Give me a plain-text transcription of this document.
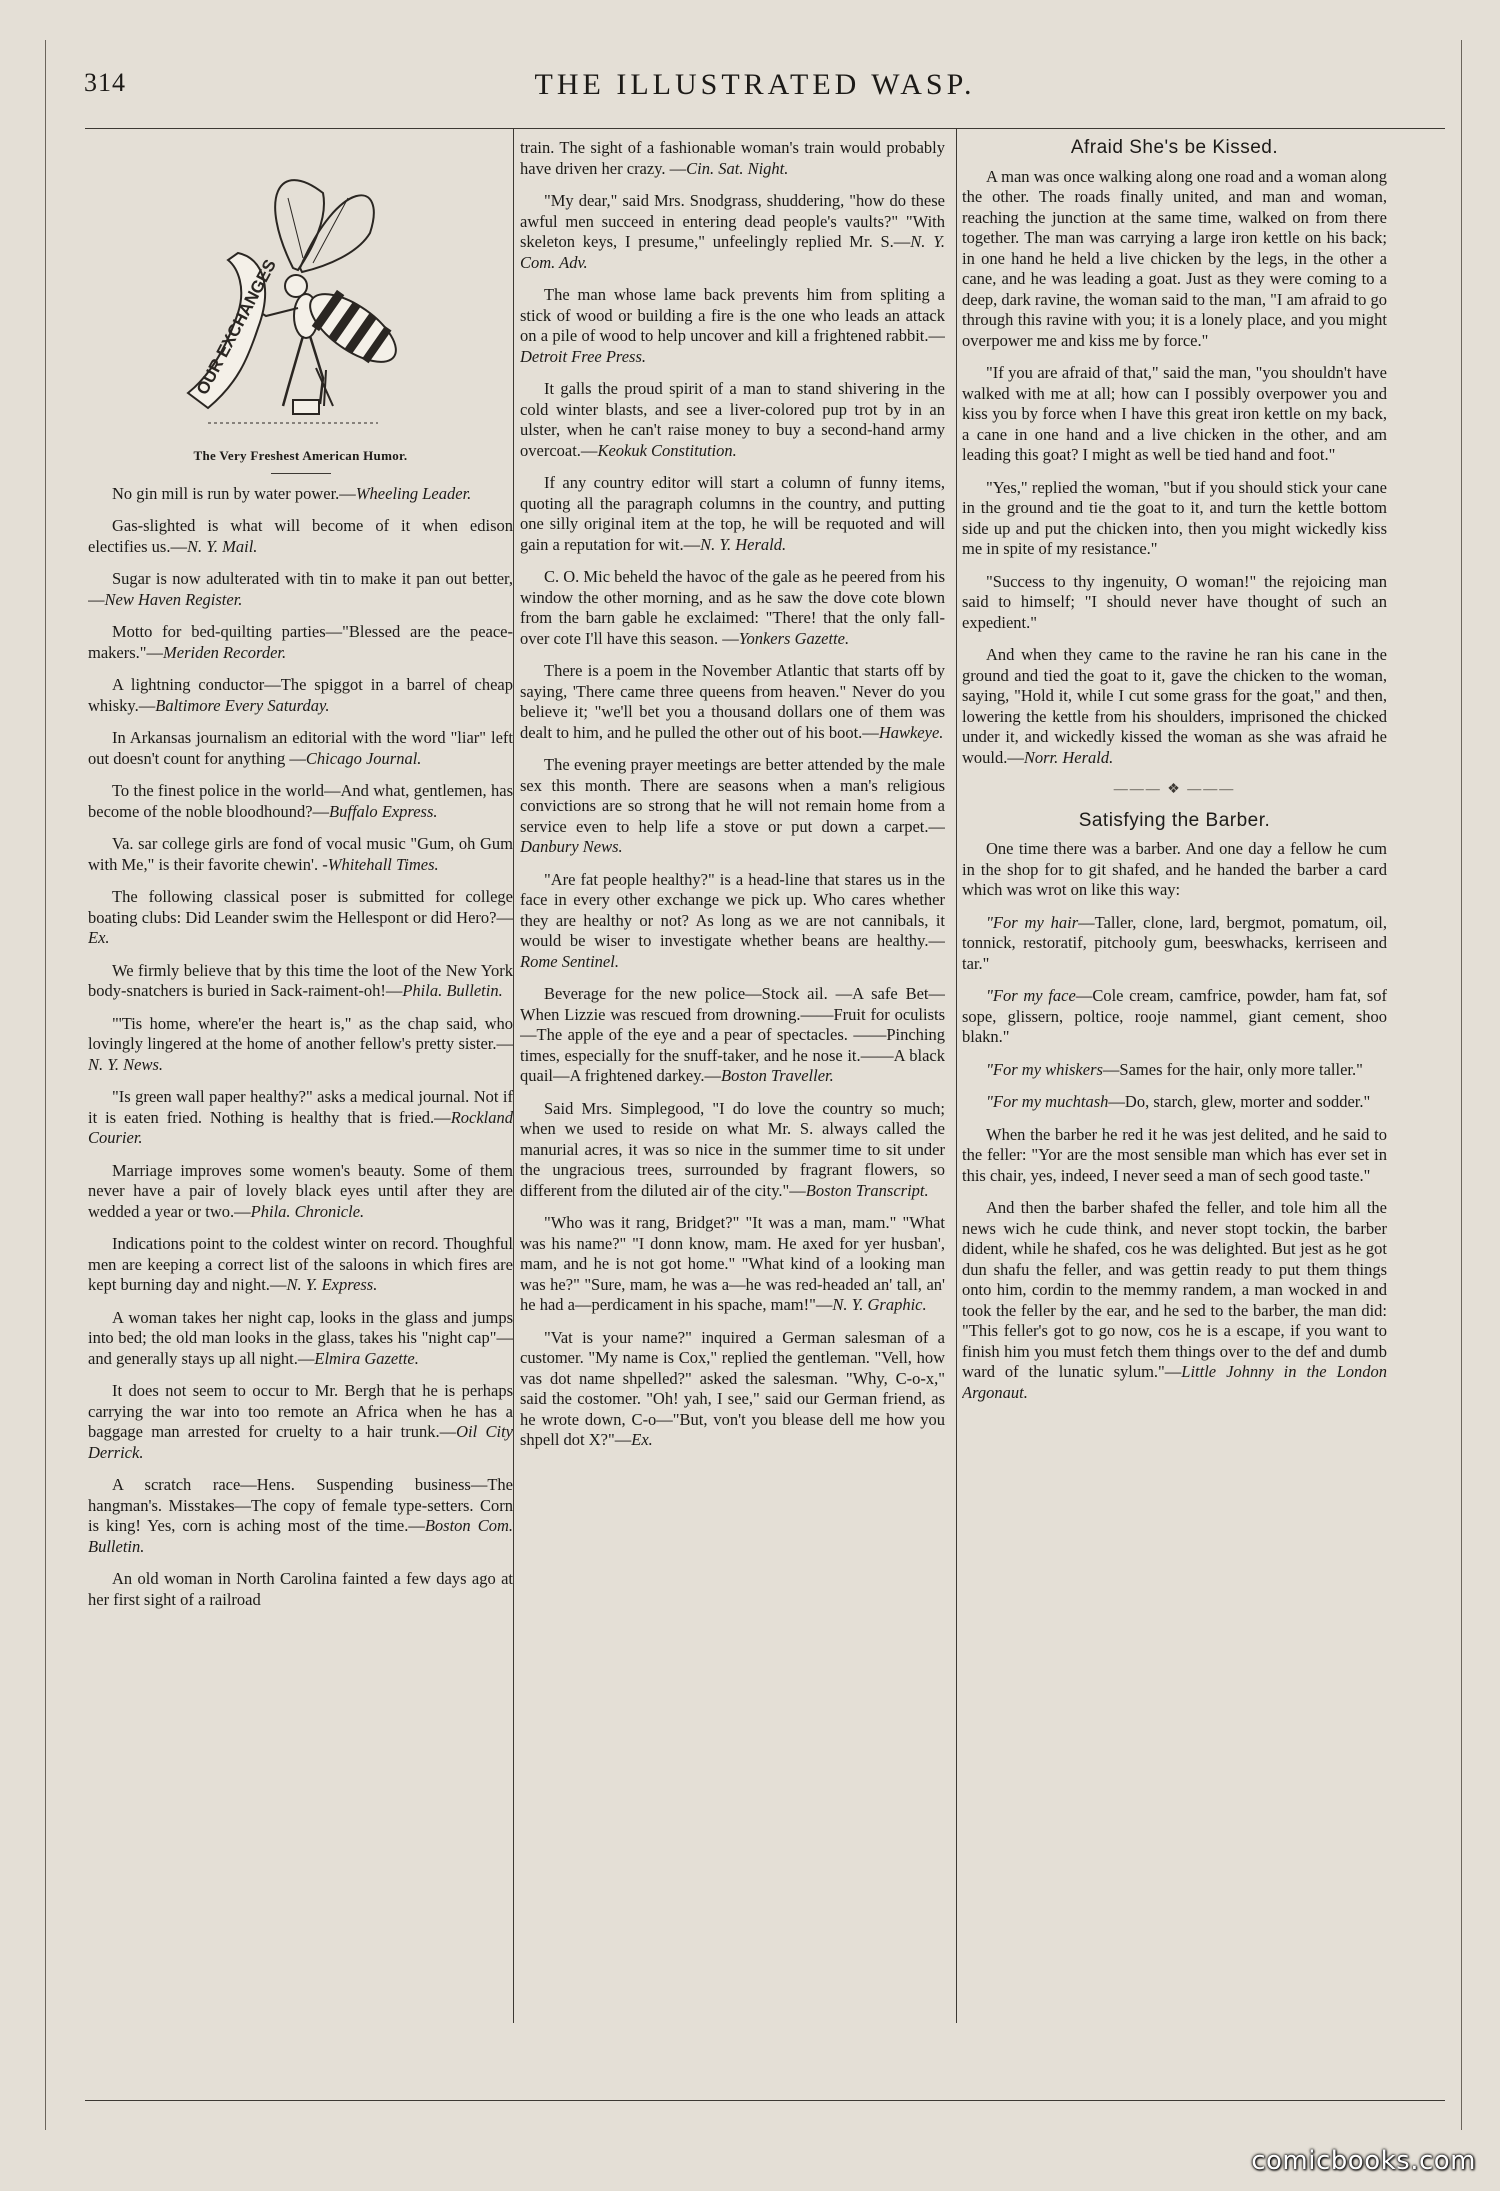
314	THE ILLUSTRATED WASP.
OUR EXCHANGES
The Very Freshest American Humor.

No gin mill is run by water power.—Wheeling Leader.

Gas-slighted is what will become of it when edison electifies us.—N. Y. Mail.

Sugar is now adulterated with tin to make it pan out better,—New Haven Register.

Motto for bed-quilting parties—"Blessed are the peace-makers."—Meriden Recorder.

A lightning conductor—The spiggot in a barrel of cheap whisky.—Baltimore Every Saturday.

In Arkansas journalism an editorial with the word "liar" left out doesn't count for anything —Chicago Journal.

To the finest police in the world—And what, gentlemen, has become of the noble bloodhound?—Buffalo Express.

Va. sar college girls are fond of vocal music "Gum, oh Gum with Me," is their favorite chewin'. -Whitehall Times.

The following classical poser is submitted for college boating clubs: Did Leander swim the Hellespont or did Hero?—Ex.

We firmly believe that by this time the loot of the New York body-snatchers is buried in Sack-raiment-oh!—Phila. Bulletin.

"'Tis home, where'er the heart is," as the chap said, who lovingly lingered at the home of another fellow's pretty sister.—N. Y. News.

"Is green wall paper healthy?" asks a medical journal. Not if it is eaten fried. Nothing is healthy that is fried.—Rockland Courier.

Marriage improves some women's beauty. Some of them never have a pair of lovely black eyes until after they are wedded a year or two.—Phila. Chronicle.

Indications point to the coldest winter on record. Thoughful men are keeping a correct list of the saloons in which fires are kept burning day and night.—N. Y. Express.

A woman takes her night cap, looks in the glass and jumps into bed; the old man looks in the glass, takes his "night cap"—and generally stays up all night.—Elmira Gazette.

It does not seem to occur to Mr. Bergh that he is perhaps carrying the war into too remote an Africa when he has a baggage man arrested for cruelty to a hair trunk.—Oil City Derrick.

A scratch race—Hens. Suspending business—The hangman's. Misstakes—The copy of female type-setters. Corn is king! Yes, corn is aching most of the time.—Boston Com. Bulletin.

An old woman in North Carolina fainted a few days ago at her first sight of a railroad

train. The sight of a fashionable woman's train would probably have driven her crazy. —Cin. Sat. Night.

"My dear," said Mrs. Snodgrass, shuddering, "how do these awful men succeed in entering dead people's vaults?" "With skeleton keys, I presume," unfeelingly replied Mr. S.—N. Y. Com. Adv.

The man whose lame back prevents him from spliting a stick of wood or building a fire is the one who leads an attack on a pile of wood to help uncover and kill a frightened rabbit.—Detroit Free Press.

It galls the proud spirit of a man to stand shivering in the cold winter blasts, and see a liver-colored pup trot by in an ulster, when he can't raise money to buy a second-hand army overcoat.—Keokuk Constitution.

If any country editor will start a column of funny items, quoting all the paragraph columns in the country, and putting one silly original item at the top, he will be requoted and will gain a reputation for wit.—N. Y. Herald.

C. O. Mic beheld the havoc of the gale as he peered from his window the other morning, and as he saw the dove cote blown from the barn gable he exclaimed: "There! that the only fall-over cote I'll have this season. —Yonkers Gazette.

There is a poem in the November Atlantic that starts off by saying, 'There came three queens from heaven." Never do you believe it; "we'll bet you a thousand dollars one of them was dealt to him, and he pulled the other out of his boot.—Hawkeye.

The evening prayer meetings are better attended by the male sex this month. There are seasons when a man's religious convictions are so strong that he will not remain home from a service even to help life a stove or put down a carpet.—Danbury News.

"Are fat people healthy?" is a head-line that stares us in the face in every other exchange we pick up. Who cares whether they are healthy or not? As long as we are not cannibals, it would be wiser to investigate whether beans are healthy.—Rome Sentinel.

Beverage for the new police—Stock ail. —A safe Bet—When Lizzie was rescued from drowning.——Fruit for oculists—The apple of the eye and a pear of spectacles. ——Pinching times, especially for the snuff-taker, and he nose it.——A black quail—A frightened darkey.—Boston Traveller.

Said Mrs. Simplegood, "I do love the country so much; when we used to reside on what Mr. S. always called the manurial acres, it was so nice in the summer time to sit under the ungracious trees, surrounded by fragrant flowers, so different from the diluted air of the city."—Boston Transcript.

"Who was it rang, Bridget?" "It was a man, mam." "What was his name?" "I donn know, mam. He axed for yer husban', mam, and he is not got home." "What kind of a looking man was he?" "Sure, mam, he was a—he was red-headed an' tall, an' he had a—perdicament in his spache, mam!"—N. Y. Graphic.

"Vat is your name?" inquired a German salesman of a customer. "My name is Cox," replied the gentleman. "Vell, how vas dot name shpelled?" asked the salesman. "Why, C-o-x," said the costomer. "Oh! yah, I see," said our German friend, as he wrote down, C-o—"But, von't you blease dell me how you shpell dot X?"—Ex.

Afraid She's be Kissed.

A man was once walking along one road and a woman along the other. The roads finally united, and man and woman, reaching the junction at the same time, walked on from there together. The man was carrying a large iron kettle on his back; in one hand he held a live chicken by the legs, in the other a cane, and he was leading a goat. Just as they were coming to a deep, dark ravine, the woman said to the man, "I am afraid to go through this ravine with you; it is a lonely place, and you might overpower me and kiss me by force."

"If you are afraid of that," said the man, "you shouldn't have walked with me at all; how can I possibly overpower you and kiss you by force when I have this great iron kettle on my back, a cane in one hand and a live chicken in the other, and am leading this goat? I might as well be tied hand and foot."

"Yes," replied the woman, "but if you should stick your cane in the ground and tie the goat to it, and turn the kettle bottom side up and put the chicken into, then you might wickedly kiss me in spite of my resistance."

"Success to thy ingenuity, O woman!" the rejoicing man said to himself; "I should never have thought of such an expedient."

And when they came to the ravine he ran his cane in the ground and tied the goat to it, gave the chicken to the woman, saying, "Hold it, while I cut some grass for the goat," and then, lowering the kettle from his shoulders, imprisoned the chicked under it, and wickedly kissed the woman as she was afraid he would.—Norr. Herald.

——— ❖ ———
Satisfying the Barber.

One time there was a barber. And one day a fellow he cum in the shop for to git shafed, and he handed the barber a card which was wrot on like this way:

"For my hair—Taller, clone, lard, bergmot, pomatum, oil, tonnick, restoratif, pitchooly gum, beeswhacks, kerriseen and tar."

"For my face—Cole cream, camfrice, powder, ham fat, sof sope, glissern, poltice, rooje nammel, giant cement, shoo blakn."

"For my whiskers—Sames for the hair, only more taller."

"For my muchtash—Do, starch, glew, morter and sodder."

When the barber he red it he was jest delited, and he said to the feller: "Yor are the most sensible man which has ever set in this chair, yes, indeed, I never seed a man of sech good taste."

And then the barber shafed the feller, and tole him all the news wich he cude think, and never stopt tockin, the barber dident, while he shafed, cos he was delighted. But jest as he got dun shafu the feller, and was gettin ready to put them things onto him, cordin to the memmy randem, a man wocked in and took the feller by the ear, and he sed to the barber, the man did: "This feller's got to go now, cos he is a escape, if you want to finish him you must fetch them things over to the def and dumb ward of the lunatic sylum."—Little Johnny in the London Argonaut.

comicbooks.com
